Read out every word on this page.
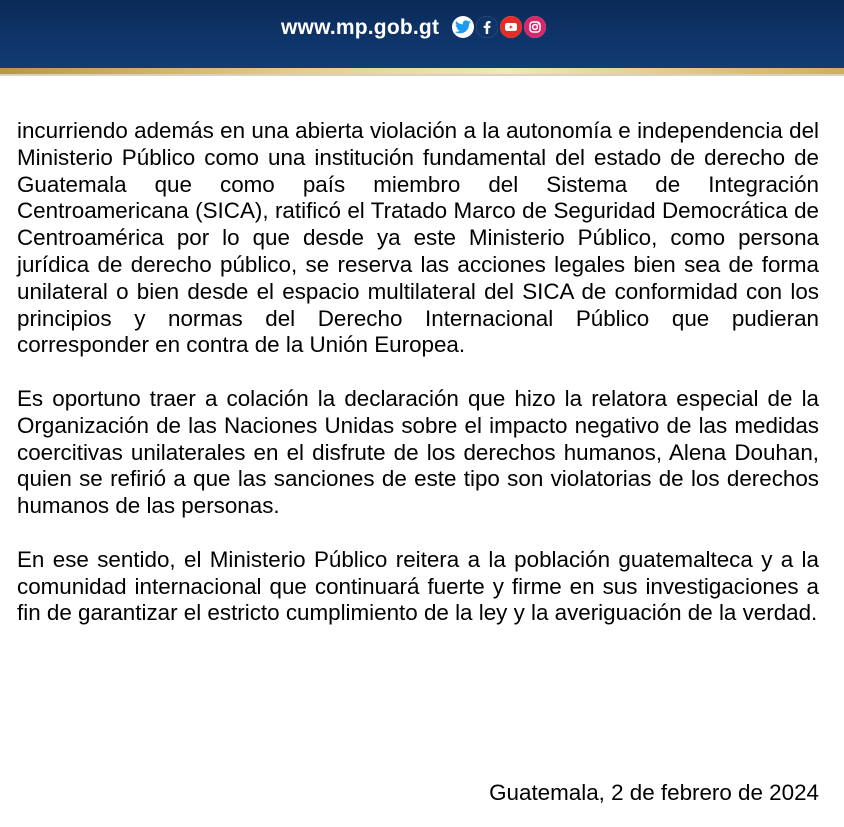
www.mp.gob.gt

incurriendo además en una abierta violación a la autonomía e independencia del Ministerio Público como una institución fundamental del estado de derecho de Guatemala que como país miembro del Sistema de Integración Centroamericana (SICA), ratificó el Tratado Marco de Seguridad Democrática de Centroamérica por lo que desde ya este Ministerio Público, como persona jurídica de derecho público, se reserva las acciones legales bien sea de forma unilateral o bien desde el espacio multilateral del SICA de conformidad con los principios y normas del Derecho Internacional Público que pudieran corresponder en contra de la Unión Europea.

Es oportuno traer a colación la declaración que hizo la relatora especial de la Organización de las Naciones Unidas sobre el impacto negativo de las medidas coercitivas unilaterales en el disfrute de los derechos humanos, Alena Douhan, quien se refirió a que las sanciones de este tipo son violatorias de los derechos humanos de las personas.

En ese sentido, el Ministerio Público reitera a la población guatemalteca y a la comunidad internacional que continuará fuerte y firme en sus investigaciones a fin de garantizar el estricto cumplimiento de la ley y la averiguación de la verdad.

Guatemala, 2 de febrero de 2024
